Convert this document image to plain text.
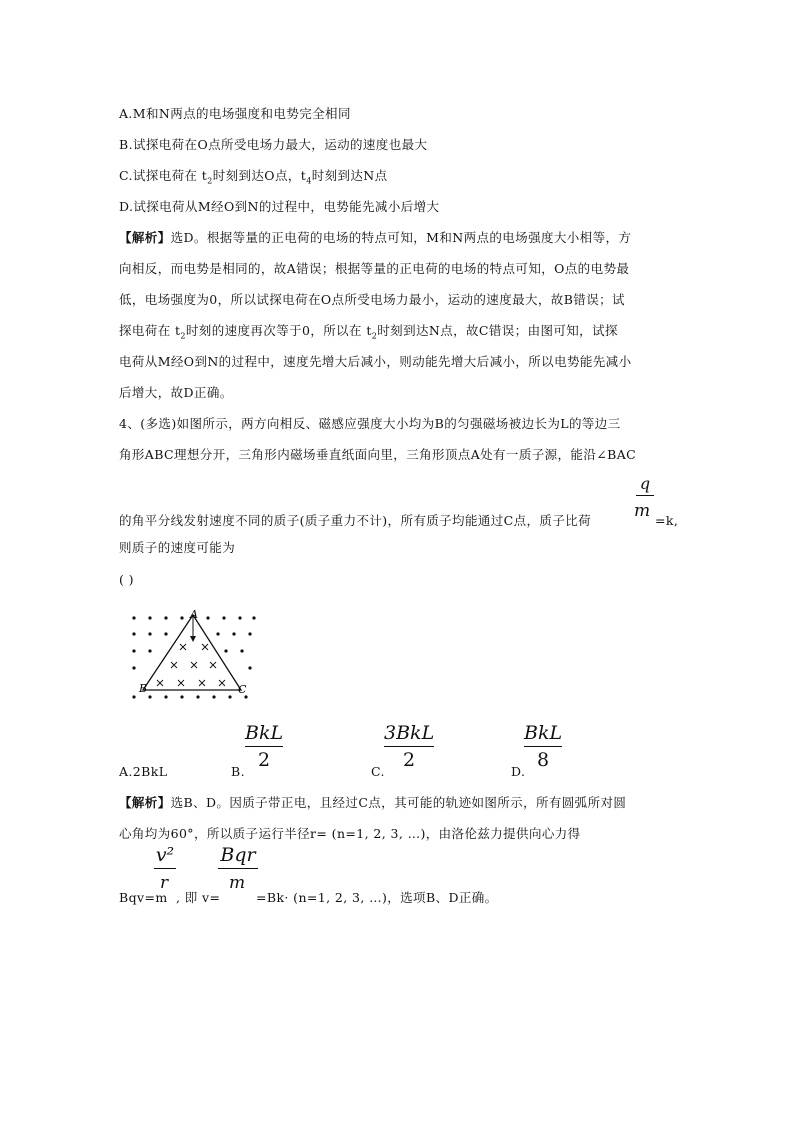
A.M和N两点的电场强度和电势完全相同
B.试探电荷在O点所受电场力最大，运动的速度也最大
C.试探电荷在 $t_2$时刻到达O点，$t_4$时刻到达N点
D.试探电荷从M经O到N的过程中，电势能先减小后增大
【解析】选D。根据等量的正电荷的电场的特点可知，M和N两点的电场强度大小相等，方
向相反，而电势是相同的，故A错误；根据等量的正电荷的电场的特点可知，O点的电势最
低，电场强度为0，所以试探电荷在O点所受电场力最小，运动的速度最大，故B错误；试
探电荷在 $t_2$时刻的速度再次等于0，所以在 $t_2$时刻到达N点，故C错误；由图可知，试探
电荷从M经O到N的过程中，速度先增大后减小，则动能先增大后减小，所以电势能先减小
后增大，故D正确。
4、(多选)如图所示，两方向相反、磁感应强度大小均为B的匀强磁场被边长为L的等边三
角形ABC理想分开，三角形内磁场垂直纸面向里，三角形顶点A处有一质子源，能沿∠BAC
q
的角平分线发射速度不同的质子(质子重力不计)，所有质子均能通过C点，质子比荷	m =k,
则质子的速度可能为
( )
A
B	C
A.2BkL	B.
BkL
2
C.
3BkL
2
D.
BkL
8
【解析】选B、D。因质子带正电，且经过C点，其可能的轨迹如图所示，所有圆弧所对圆
心角均为60°，所以质子运行半径r= (n=1, 2, 3, …)，由洛伦兹力提供向心力得
v²
r
Bqr
m
Bqv=m , 即 v=	=Bk· (n=1, 2, 3, …)，选项B、D正确。
